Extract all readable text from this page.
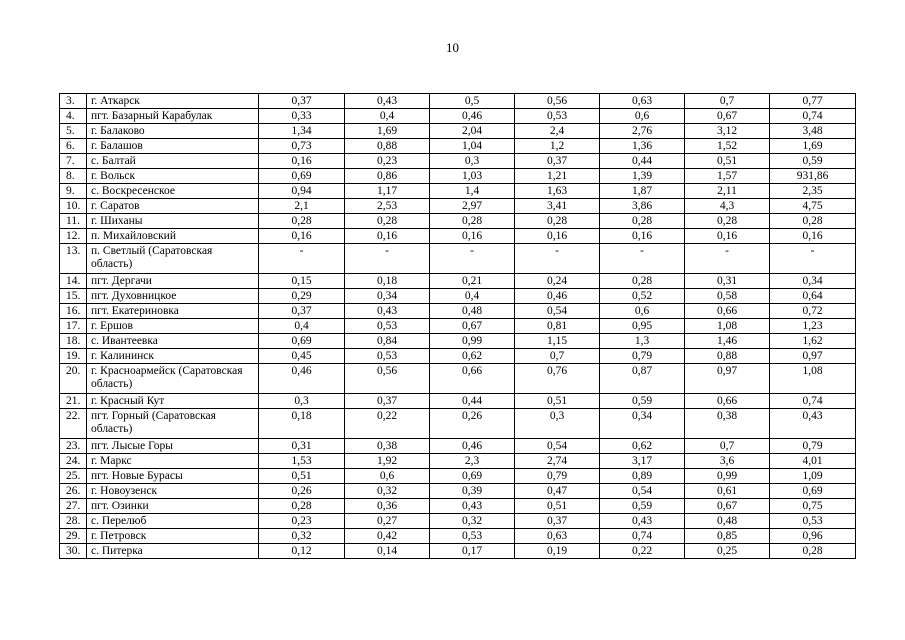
10
3.	г. Аткарск	0,37	0,43	0,5	0,56	0,63	0,7	0,77
4.	пгт. Базарный Карабулак	0,33	0,4	0,46	0,53	0,6	0,67	0,74
5.	г. Балаково	1,34	1,69	2,04	2,4	2,76	3,12	3,48
6.	г. Балашов	0,73	0,88	1,04	1,2	1,36	1,52	1,69
7.	с. Балтай	0,16	0,23	0,3	0,37	0,44	0,51	0,59
8.	г. Вольск	0,69	0,86	1,03	1,21	1,39	1,57	931,86
9.	с. Воскресенское	0,94	1,17	1,4	1,63	1,87	2,11	2,35
10.	г. Саратов	2,1	2,53	2,97	3,41	3,86	4,3	4,75
11.	г. Шиханы	0,28	0,28	0,28	0,28	0,28	0,28	0,28
12.	п. Михайловский	0,16	0,16	0,16	0,16	0,16	0,16	0,16
13.	п. Светлый (Саратовская область)	-	-	-	-	-	-	-
14.	пгт. Дергачи	0,15	0,18	0,21	0,24	0,28	0,31	0,34
15.	пгт. Духовницкое	0,29	0,34	0,4	0,46	0,52	0,58	0,64
16.	пгт. Екатериновка	0,37	0,43	0,48	0,54	0,6	0,66	0,72
17.	г. Ершов	0,4	0,53	0,67	0,81	0,95	1,08	1,23
18.	с. Ивантеевка	0,69	0,84	0,99	1,15	1,3	1,46	1,62
19.	г. Калининск	0,45	0,53	0,62	0,7	0,79	0,88	0,97
20.	г. Красноармейск (Саратовская область)	0,46	0,56	0,66	0,76	0,87	0,97	1,08
21.	г. Красный Кут	0,3	0,37	0,44	0,51	0,59	0,66	0,74
22.	пгт. Горный (Саратовская область)	0,18	0,22	0,26	0,3	0,34	0,38	0,43
23.	пгт. Лысые Горы	0,31	0,38	0,46	0,54	0,62	0,7	0,79
24.	г. Маркс	1,53	1,92	2,3	2,74	3,17	3,6	4,01
25.	пгт. Новые Бурасы	0,51	0,6	0,69	0,79	0,89	0,99	1,09
26.	г. Новоузенск	0,26	0,32	0,39	0,47	0,54	0,61	0,69
27.	пгт. Озинки	0,28	0,36	0,43	0,51	0,59	0,67	0,75
28.	с. Перелюб	0,23	0,27	0,32	0,37	0,43	0,48	0,53
29.	г. Петровск	0,32	0,42	0,53	0,63	0,74	0,85	0,96
30.	с. Питерка	0,12	0,14	0,17	0,19	0,22	0,25	0,28
